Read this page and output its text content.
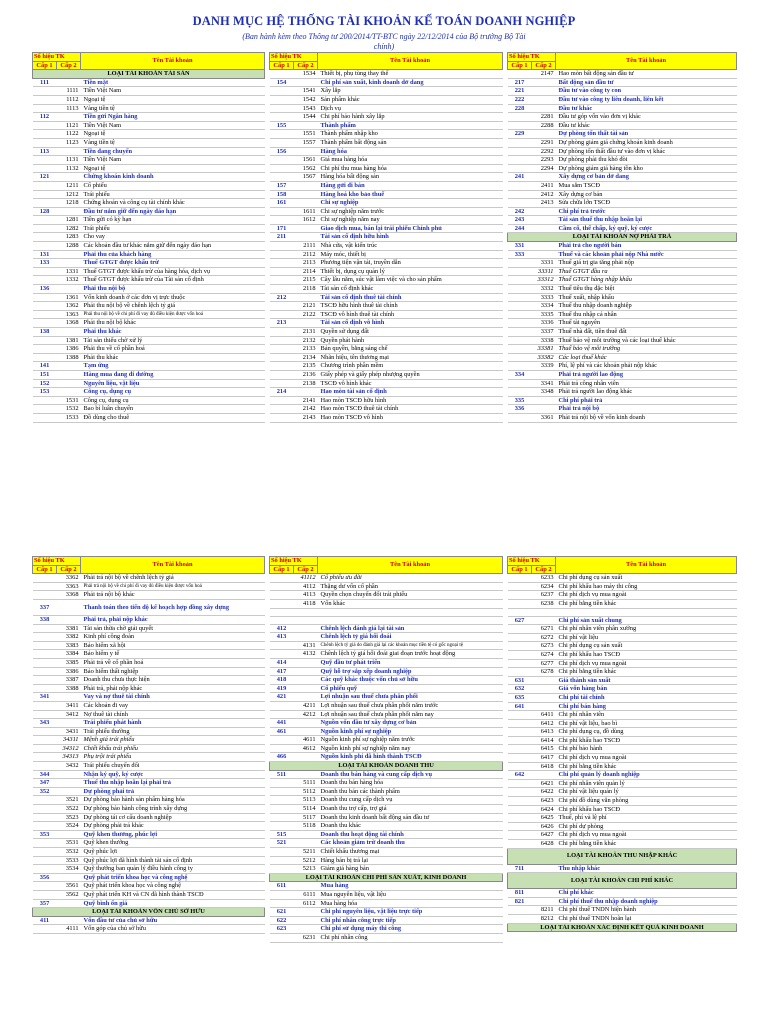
DANH MỤC HỆ THỐNG TÀI KHOẢN KẾ TOÁN DOANH NGHIỆP
(Ban hành kèm theo Thông tư 200/2014/TT-BTC ngày 22/12/2014 của Bộ trưởng Bộ Tài chính)
Số hiệu TK		Tên Tài khoản
Cấp 1	Cấp 2	
LOẠI TÀI KHOẢN TÀI SẢN		
111		Tiền mặt
	1111	Tiền Việt Nam
	1112	Ngoại tệ
	1113	Vàng tiền tệ
112		Tiền gửi Ngân hàng
	1121	Tiền Việt Nam
	1122	Ngoại tệ
	1123	Vàng tiền tệ
113		Tiền đang chuyển
	1131	Tiền Việt Nam
	1132	Ngoại tệ
121		Chứng khoán kinh doanh
	1211	Cổ phiếu
	1212	Trái phiếu
	1218	Chứng khoán và công cụ tài chính khác
128		Đầu tư nắm giữ đến ngày đáo hạn
	1281	Tiền gửi có kỳ hạn
	1282	Trái phiếu
	1283	Cho vay
	1288	Các khoản đầu tư khác nắm giữ đến ngày đáo hạn
131		Phải thu của khách hàng
133		Thuế GTGT được khấu trừ
	1331	Thuế GTGT được khấu trừ của hàng hóa, dịch vụ
	1332	Thuế GTGT được khấu trừ của Tài sản cố định
136		Phải thu nội bộ
	1361	Vốn kinh doanh ở các đơn vị trực thuộc
	1362	Phải thu nội bộ về chênh lệch tỷ giá
	1363	Phải thu nội bộ về chi phí đi vay đủ điều kiện được vốn hoá
	1368	Phải thu nội bộ khác
138		Phải thu khác
	1381	Tài sản thiếu chờ xử lý
	1386	Phải thu về cổ phần hoá
	1388	Phải thu khác
141		Tạm ứng
151		Hàng mua đang đi đường
152		Nguyên liệu, vật liệu
153		Công cụ, dụng cụ
	1531	Công cụ, dụng cụ
	1532	Bao bì luân chuyển
	1533	Đồ dùng cho thuê
Số hiệu TK		Tên Tài khoản
Cấp 1	Cấp 2	
	1534	Thiết bị, phụ tùng thay thế
154		Chi phí sản xuất, kinh doanh dở dang
	1541	Xây lắp
	1542	Sản phẩm khác
	1543	Dịch vụ
	1544	Chi phí bảo hành xây lắp
155		Thành phẩm
	1551	Thành phẩm nhập kho
	1557	Thành phẩm bất động sản
156		Hàng hóa
	1561	Giá mua hàng hóa
	1562	Chi phí thu mua hàng hóa
	1567	Hàng hóa bất động sản
157		Hàng gửi đi bán
158		Hàng hoá kho bảo thuế
161		Chi sự nghiệp
	1611	Chi sự nghiệp năm trước
	1612	Chi sự nghiệp năm nay
171		Giao dịch mua, bán lại trái phiếu Chính phủ
211		Tài sản cố định hữu hình
	2111	Nhà cửa, vật kiến trúc
	2112	Máy móc, thiết bị
	2113	Phương tiện vận tải, truyền dẫn
	2114	Thiết bị, dụng cụ quản lý
	2115	Cây lâu năm, súc vật làm việc và cho sản phẩm
	2118	Tài sản cố định khác
212		Tài sản cố định thuê tài chính
	2121	TSCĐ hữu hình thuê tài chính
	2122	TSCĐ vô hình thuê tài chính
213		Tài sản cố định vô hình
	2131	Quyền sử dụng đất
	2132	Quyền phát hành
	2133	Bản quyền, bằng sáng chế
	2134	Nhãn hiệu, tên thương mại
	2135	Chương trình phần mềm
	2136	Giấy phép và giấy phép nhượng quyền
	2138	TSCĐ vô hình khác
214		Hao mòn tài sản cố định
	2141	Hao mòn TSCĐ hữu hình
	2142	Hao mòn TSCĐ thuê tài chính
	2143	Hao mòn TSCĐ vô hình
Số hiệu TK		Tên Tài khoản
Cấp 1	Cấp 2	
	2147	Hao mòn bất động sản đầu tư
217		Bất động sản đầu tư
221		Đầu tư vào công ty con
222		Đầu tư vào công ty liên doanh, liên kết
228		Đầu tư khác
	2281	Đầu tư góp vốn vào đơn vị khác
	2288	Đầu tư khác
229		Dự phòng tổn thất tài sản
	2291	Dự phòng giảm giá chứng khoán kinh doanh
	2292	Dự phòng tổn thất đầu tư vào đơn vị khác
	2293	Dự phòng phải thu khó đòi
	2294	Dự phòng giảm giá hàng tồn kho
241		Xây dựng cơ bản dở dang
	2411	Mua sắm TSCĐ
	2412	Xây dựng cơ bản
	2413	Sửa chữa lớn TSCĐ
242		Chi phí trả trước
243		Tài sản thuế thu nhập hoãn lại
244		Cầm cố, thế chấp, ký quỹ, ký cược
LOẠI TÀI KHOẢN NỢ PHẢI TRẢ		
331		Phải trả cho người bán
333		Thuế và các khoản phải nộp Nhà nước
	3331	Thuế giá trị gia tăng phải nộp
	33311	Thuế GTGT đầu ra
	33312	Thuế GTGT hàng nhập khẩu
	3332	Thuế tiêu thụ đặc biệt
	3333	Thuế xuất, nhập khẩu
	3334	Thuế thu nhập doanh nghiệp
	3335	Thuế thu nhập cá nhân
	3336	Thuế tài nguyên
	3337	Thuế nhà đất, tiền thuê đất
	3338	Thuế bảo vệ môi trường và các loại thuế khác
	33381	Thuế bảo vệ môi trường
	33382	Các loại thuế khác
	3339	Phí, lệ phí và các khoản phải nộp khác
334		Phải trả người lao động
	3341	Phải trả công nhân viên
	3348	Phải trả người lao động khác
335		Chi phí phải trả
336		Phải trả nội bộ
	3361	Phải trả nội bộ về vốn kinh doanh
Số hiệu TK		Tên Tài khoản
Cấp 1	Cấp 2	
	3362	Phải trả nội bộ về chênh lệch tỷ giá
	3363	Phải trả nội bộ về chi phí đi vay đủ điều kiện được vốn hoá
	3368	Phải trả nội bộ khác
337		Thanh toán theo tiến độ kế hoạch hợp đồng xây dựng
338		Phải trả, phải nộp khác
	3381	Tài sản thừa chờ giải quyết
	3382	Kinh phí công đoàn
	3383	Bảo hiểm xã hội
	3384	Bảo hiểm y tế
	3385	Phải trả về cổ phần hoá
	3386	Bảo hiểm thất nghiệp
	3387	Doanh thu chưa thực hiện
	3388	Phải trả, phải nộp khác
341		Vay và nợ thuê tài chính
	3411	Các khoản đi vay
	3412	Nợ thuê tài chính
343		Trái phiếu phát hành
	3431	Trái phiếu thường
	34311	Mệnh giá trái phiếu
	34312	Chiết khấu trái phiếu
	34313	Phụ trội trái phiếu
	3432	Trái phiếu chuyển đổi
344		Nhận ký quỹ, ký cược
347		Thuế thu nhập hoãn lại phải trả
352		Dự phòng phải trả
	3521	Dự phòng bảo hành sản phẩm hàng hóa
	3522	Dự phòng bảo hành công trình xây dựng
	3523	Dự phòng tái cơ cấu doanh nghiệp
	3524	Dự phòng phải trả khác
353		Quỹ khen thưởng, phúc lợi
	3531	Quỹ khen thưởng
	3532	Quỹ phúc lợi
	3533	Quỹ phúc lợi đã hình thành tài sản cố định
	3534	Quỹ thưởng ban quản lý điều hành công ty
356		Quỹ phát triển khoa học và công nghệ
	3561	Quỹ phát triển khoa học và công nghệ
	3562	Quỹ phát triển KH và CN đã hình thành TSCĐ
357		Quỹ bình ổn giá
LOẠI TÀI KHOẢN VỐN CHỦ SỞ HỮU		
411		Vốn đầu tư của chủ sở hữu
	4111	Vốn góp của chủ sở hữu
Số hiệu TK		Tên Tài khoản
Cấp 1	Cấp 2	
	41112	Cổ phiếu ưu đãi
	4112	Thặng dư vốn cổ phần
	4113	Quyền chọn chuyển đổi trái phiếu
	4118	Vốn khác

412		Chênh lệch đánh giá lại tài sản
413		Chênh lệch tỷ giá hối đoái
	4131	Chênh lệch tỷ giá do đánh giá lại các khoản mục tiền tệ có gốc ngoại tệ
	4132	Chênh lệch tỷ giá hối đoái giai đoạn trước hoạt động
414		Quỹ đầu tư phát triển
417		Quỹ hỗ trợ sắp xếp doanh nghiệp
418		Các quỹ khác thuộc vốn chủ sở hữu
419		Cổ phiếu quỹ
421		Lợi nhuận sau thuế chưa phân phối
	4211	Lợi nhuận sau thuế chưa phân phối năm trước
	4212	Lợi nhuận sau thuế chưa phân phối năm nay
441		Nguồn vốn đầu tư xây dựng cơ bản
461		Nguồn kinh phí sự nghiệp
	4611	Nguồn kinh phí sự nghiệp năm trước
	4612	Nguồn kinh phí sự nghiệp năm nay
466		Nguồn kinh phí đã hình thành TSCĐ
LOẠI TÀI KHOẢN DOANH THU		
511		Doanh thu bán hàng và cung cấp dịch vụ
	5111	Doanh thu bán hàng hóa
	5112	Doanh thu bán các thành phẩm
	5113	Doanh thu cung cấp dịch vụ
	5114	Doanh thu trợ cấp, trợ giá
	5117	Doanh thu kinh doanh bất động sản đầu tư
	5118	Doanh thu khác
515		Doanh thu hoạt động tài chính
521		Các khoản giảm trừ doanh thu
	5211	Chiết khấu thương mại
	5212	Hàng bán bị trả lại
	5213	Giảm giá hàng bán
LOẠI TÀI KHOẢN CHI PHÍ SẢN XUẤT, KINH DOANH		
611		Mua hàng
	6111	Mua nguyên liệu, vật liệu
	6112	Mua hàng hóa
621		Chi phí nguyên liệu, vật liệu trực tiếp
622		Chi phí nhân công trực tiếp
623		Chi phí sử dụng máy thi công
	6231	Chi phí nhân công
Số hiệu TK		Tên Tài khoản
Cấp 1	Cấp 2	
	6233	Chi phí dụng cụ sản xuất
	6234	Chi phí khấu hao máy thi công
	6237	Chi phí dịch vụ mua ngoài
	6238	Chi phí bằng tiền khác

627		Chi phí sản xuất chung
	6271	Chi phí nhân viên phân xưởng
	6272	Chi phí vật liệu
	6273	Chi phí dụng cụ sản xuất
	6274	Chi phí khấu hao TSCĐ
	6277	Chi phí dịch vụ mua ngoài
	6278	Chi phí bằng tiền khác
631		Giá thành sản xuất
632		Giá vốn hàng bán
635		Chi phí tài chính
641		Chi phí bán hàng
	6411	Chi phí nhân viên
	6412	Chi phí vật liệu, bao bì
	6413	Chi phí dụng cụ, đồ dùng
	6414	Chi phí khấu hao TSCĐ
	6415	Chi phí bảo hành
	6417	Chi phí dịch vụ mua ngoài
	6418	Chi phí bằng tiền khác
642		Chi phí quản lý doanh nghiệp
	6421	Chi phí nhân viên quản lý
	6422	Chi phí vật liệu quản lý
	6423	Chi phí đồ dùng văn phòng
	6424	Chi phí khấu hao TSCĐ
	6425	Thuế, phí và lệ phí
	6426	Chi phí dự phòng
	6427	Chi phí dịch vụ mua ngoài
	6428	Chi phí bằng tiền khác
LOẠI TÀI KHOẢN THU NHẬP KHÁC		
711		Thu nhập khác
LOẠI TÀI KHOẢN CHI PHÍ KHÁC		
811		Chi phí khác
821		Chi phí thuế thu nhập doanh nghiệp
	8211	Chi phí thuế TNDN hiện hành
	8212	Chi phí thuế TNDN hoãn lại
LOẠI TÀI KHOẢN XÁC ĐỊNH KẾT QUẢ KINH DOANH		
